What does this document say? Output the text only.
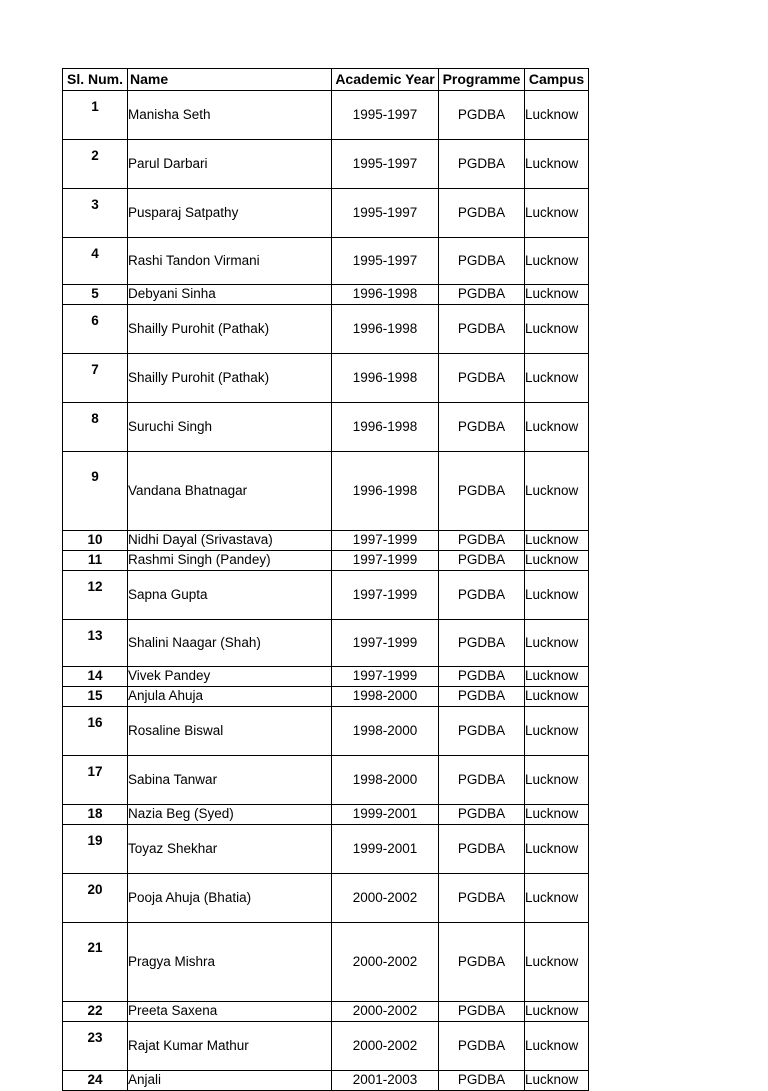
Sl. Num.	Name	Academic Year	Programme	Campus
1	Manisha Seth	1995-1997	PGDBA	Lucknow
2	Parul Darbari	1995-1997	PGDBA	Lucknow
3	Pusparaj Satpathy	1995-1997	PGDBA	Lucknow
4	Rashi Tandon Virmani	1995-1997	PGDBA	Lucknow
5	Debyani Sinha	1996-1998	PGDBA	Lucknow
6	Shailly Purohit (Pathak)	1996-1998	PGDBA	Lucknow
7	Shailly Purohit (Pathak)	1996-1998	PGDBA	Lucknow
8	Suruchi Singh	1996-1998	PGDBA	Lucknow
9	Vandana Bhatnagar	1996-1998	PGDBA	Lucknow
10	Nidhi Dayal (Srivastava)	1997-1999	PGDBA	Lucknow
11	Rashmi Singh (Pandey)	1997-1999	PGDBA	Lucknow
12	Sapna Gupta	1997-1999	PGDBA	Lucknow
13	Shalini Naagar (Shah)	1997-1999	PGDBA	Lucknow
14	Vivek Pandey	1997-1999	PGDBA	Lucknow
15	Anjula Ahuja	1998-2000	PGDBA	Lucknow
16	Rosaline Biswal	1998-2000	PGDBA	Lucknow
17	Sabina Tanwar	1998-2000	PGDBA	Lucknow
18	Nazia Beg (Syed)	1999-2001	PGDBA	Lucknow
19	Toyaz Shekhar	1999-2001	PGDBA	Lucknow
20	Pooja Ahuja (Bhatia)	2000-2002	PGDBA	Lucknow
21	Pragya Mishra	2000-2002	PGDBA	Lucknow
22	Preeta Saxena	2000-2002	PGDBA	Lucknow
23	Rajat Kumar Mathur	2000-2002	PGDBA	Lucknow
24	Anjali	2001-2003	PGDBA	Lucknow
